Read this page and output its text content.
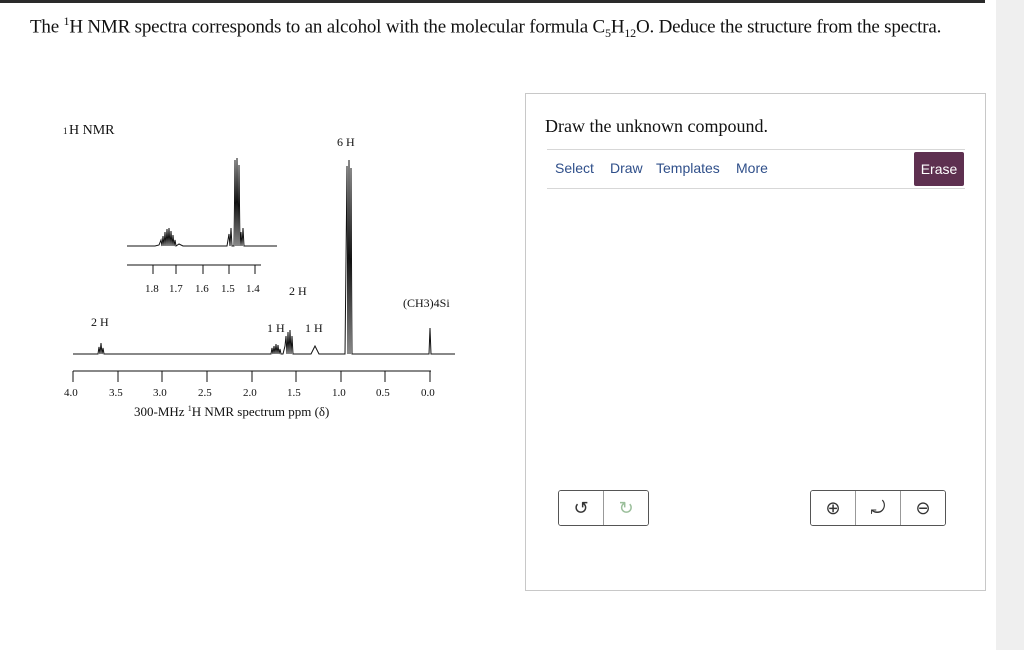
The $^1$H NMR spectra corresponds to an alcohol with the molecular formula $C_5H_{12}O$. Deduce the structure from the spectra.
1 H NMR
1.8 1.7 1.6 1.5 1.4
6 H
2 H
(CH3)4Si
2 H	1 H 1 H
4.0	3.5	3.0	2.5	2.0	1.5	1.0	0.5	0.0
300-MHz $^1$H NMR spectrum ppm (δ)
Draw the unknown compound.
Select Draw Templates More	Erase
↺	↻	⊕	⤾	⊖
